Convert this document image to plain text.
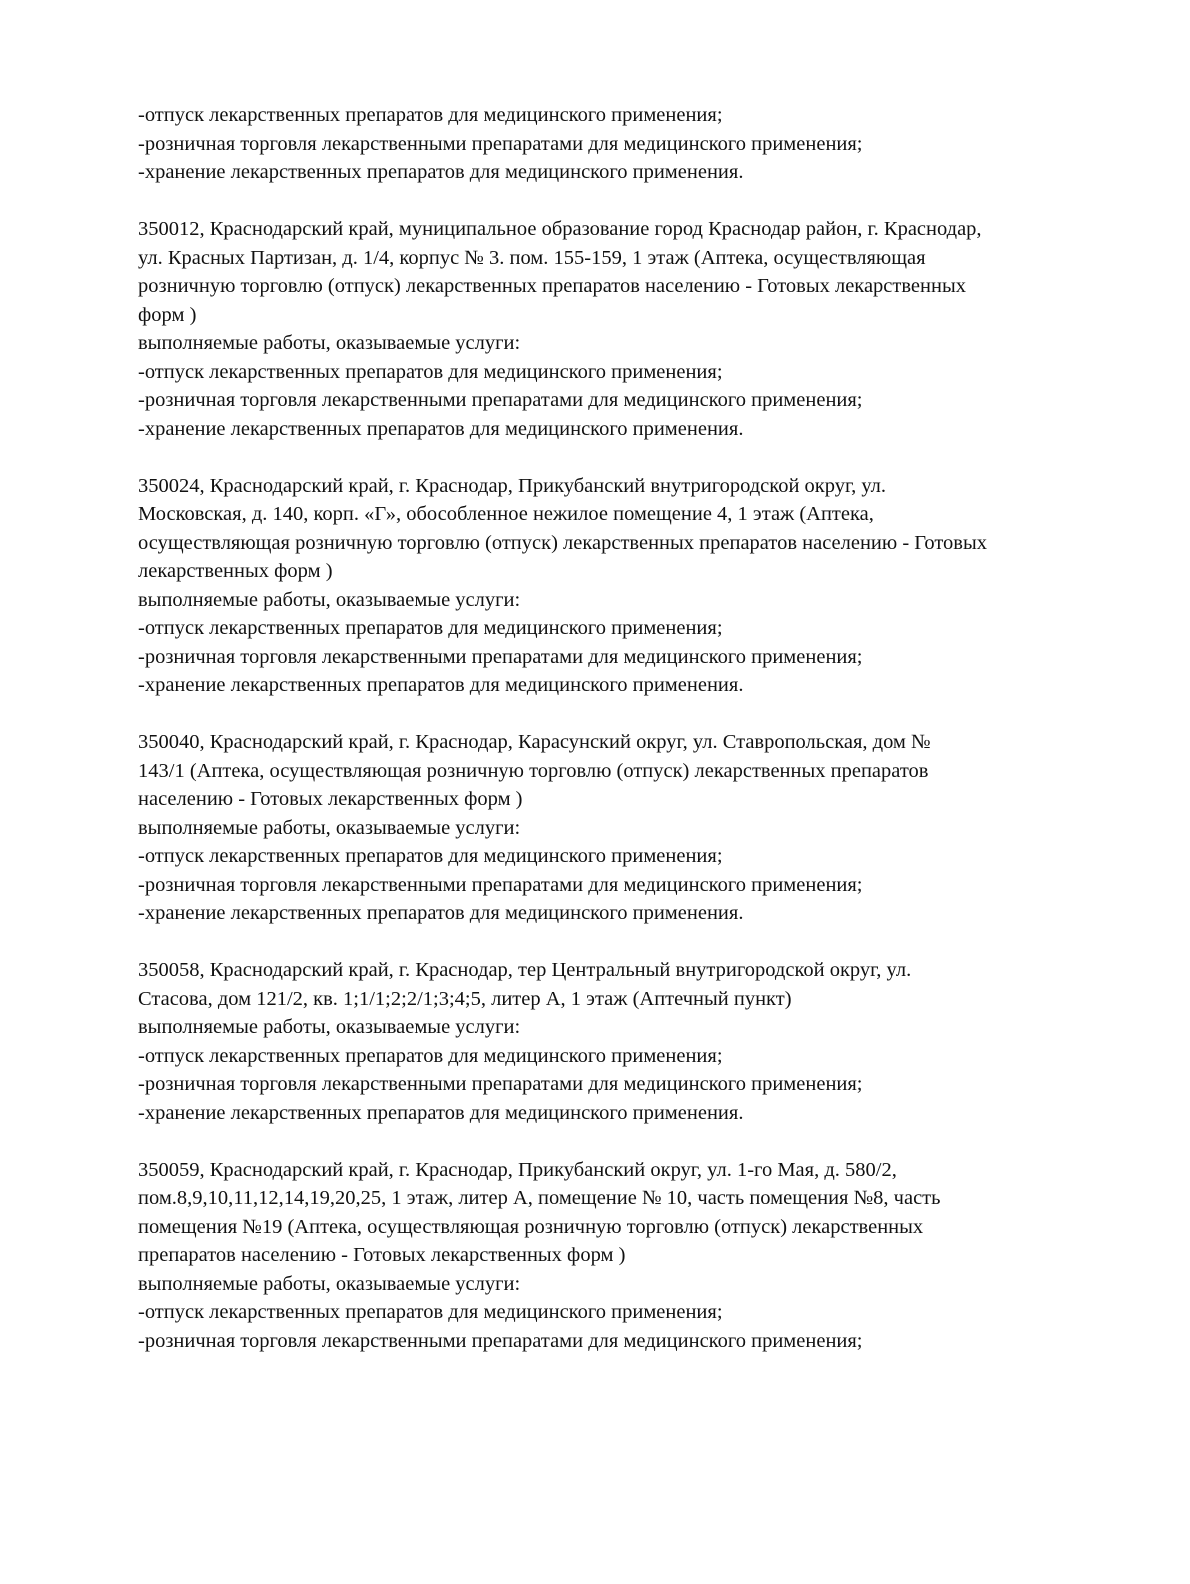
-отпуск лекарственных препаратов для медицинского применения;
-розничная торговля лекарственными препаратами для медицинского применения;
-хранение лекарственных препаратов для медицинского применения.
350012, Краснодарский край, муниципальное образование город Краснодар район, г. Краснодар,
ул. Красных Партизан, д. 1/4, корпус № 3. пом. 155-159, 1 этаж (Аптека, осуществляющая
розничную торговлю (отпуск) лекарственных препаратов населению - Готовых лекарственных
форм )
выполняемые работы, оказываемые услуги:
-отпуск лекарственных препаратов для медицинского применения;
-розничная торговля лекарственными препаратами для медицинского применения;
-хранение лекарственных препаратов для медицинского применения.
350024, Краснодарский край, г. Краснодар, Прикубанский внутригородской округ, ул.
Московская, д. 140, корп. «Г», обособленное нежилое помещение 4, 1 этаж (Аптека,
осуществляющая розничную торговлю (отпуск) лекарственных препаратов населению - Готовых
лекарственных форм )
выполняемые работы, оказываемые услуги:
-отпуск лекарственных препаратов для медицинского применения;
-розничная торговля лекарственными препаратами для медицинского применения;
-хранение лекарственных препаратов для медицинского применения.
350040, Краснодарский край, г. Краснодар, Карасунский округ, ул. Ставропольская, дом №
143/1 (Аптека, осуществляющая розничную торговлю (отпуск) лекарственных препаратов
населению - Готовых лекарственных форм )
выполняемые работы, оказываемые услуги:
-отпуск лекарственных препаратов для медицинского применения;
-розничная торговля лекарственными препаратами для медицинского применения;
-хранение лекарственных препаратов для медицинского применения.
350058, Краснодарский край, г. Краснодар, тер Центральный внутригородской округ, ул.
Стасова, дом 121/2, кв. 1;1/1;2;2/1;3;4;5, литер А, 1 этаж (Аптечный пункт)
выполняемые работы, оказываемые услуги:
-отпуск лекарственных препаратов для медицинского применения;
-розничная торговля лекарственными препаратами для медицинского применения;
-хранение лекарственных препаратов для медицинского применения.
350059, Краснодарский край, г. Краснодар, Прикубанский округ, ул. 1-го Мая, д. 580/2,
пом.8,9,10,11,12,14,19,20,25, 1 этаж, литер А, помещение № 10, часть помещения №8, часть
помещения №19 (Аптека, осуществляющая розничную торговлю (отпуск) лекарственных
препаратов населению - Готовых лекарственных форм )
выполняемые работы, оказываемые услуги:
-отпуск лекарственных препаратов для медицинского применения;
-розничная торговля лекарственными препаратами для медицинского применения;
